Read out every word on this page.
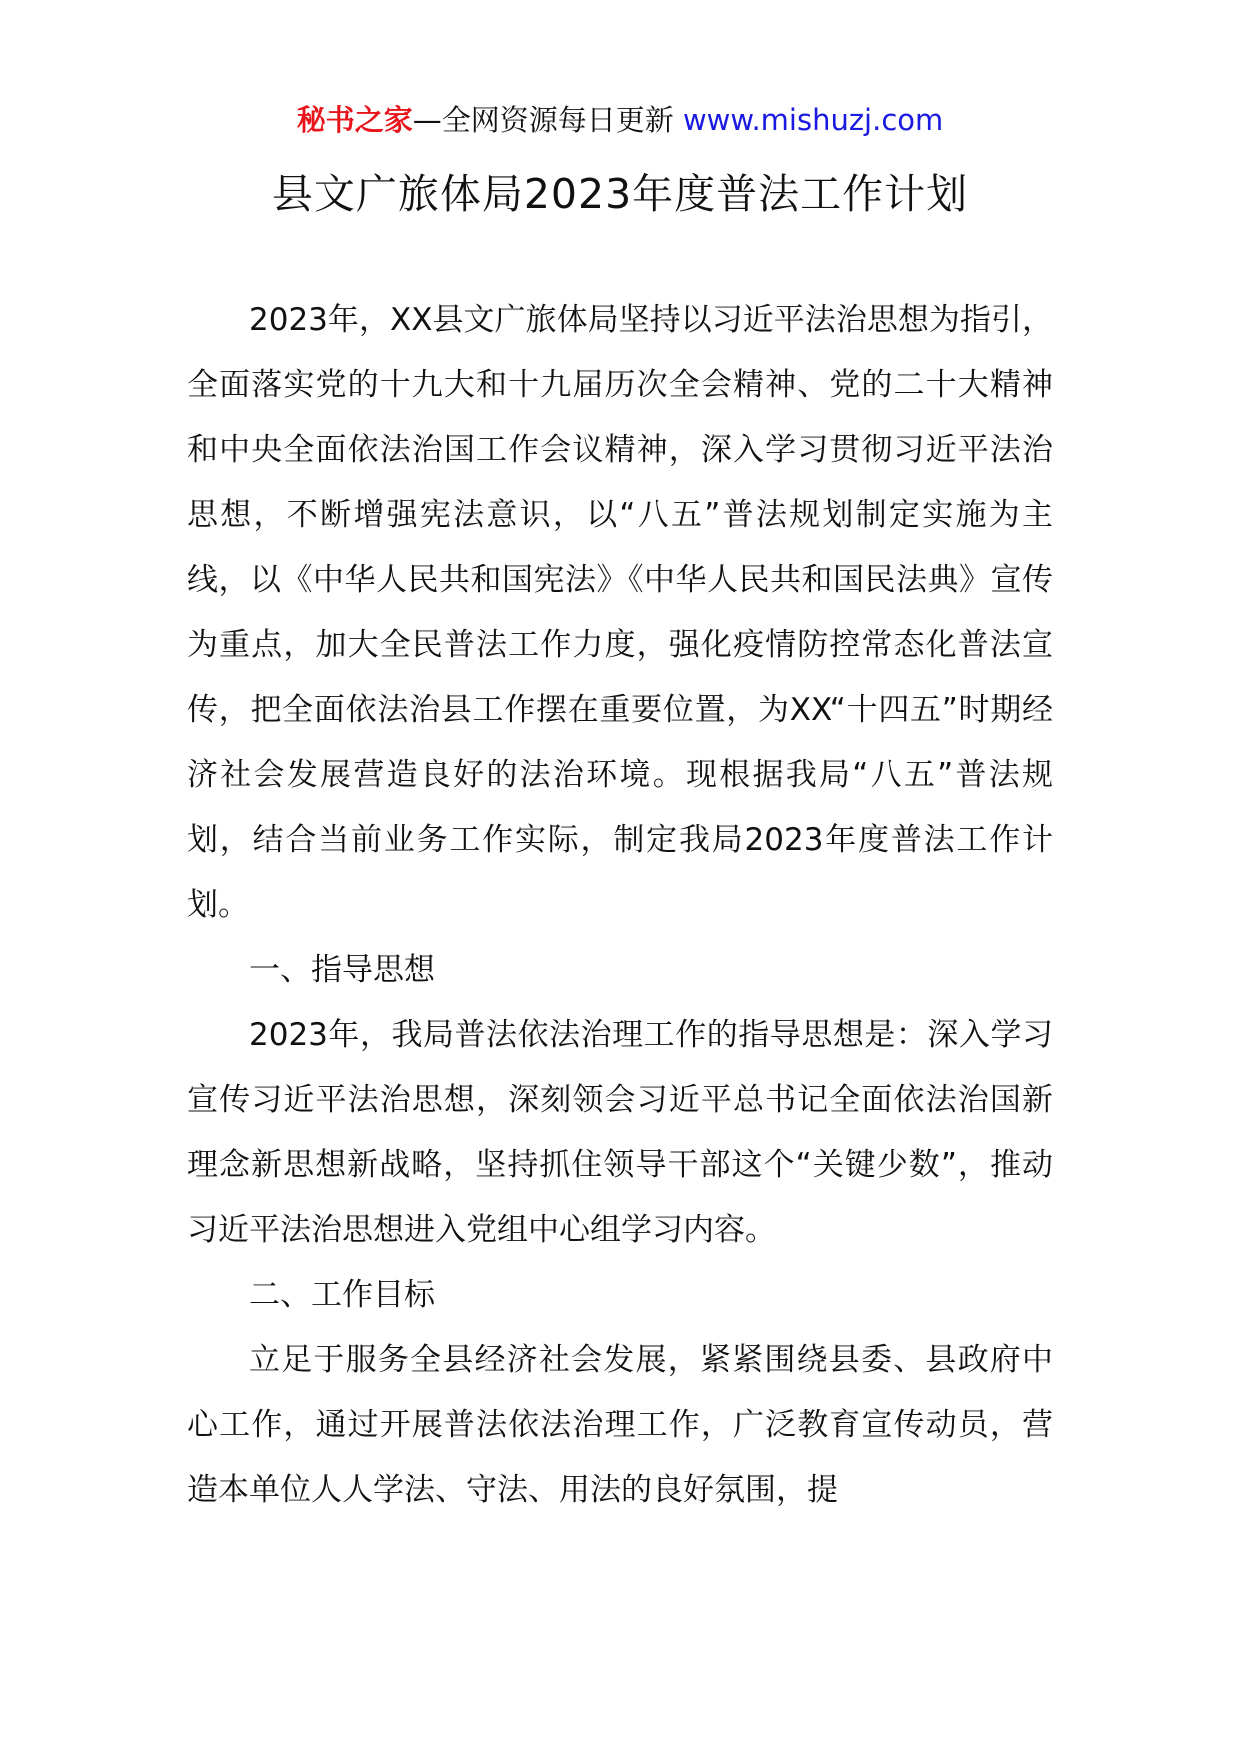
秘书之家—全网资源每日更新 www.mishuzj.com
县文广旅体局2023年度普法工作计划

2023年，XX县文广旅体局坚持以习近平法治思想为指引，全面落实党的十九大和十九届历次全会精神、党的二十大精神和中央全面依法治国工作会议精神，深入学习贯彻习近平法治思想，不断增强宪法意识，以“八五”普法规划制定实施为主线，以《中华人民共和国宪法》《中华人民共和国民法典》宣传为重点，加大全民普法工作力度，强化疫情防控常态化普法宣传，把全面依法治县工作摆在重要位置，为XX“十四五”时期经济社会发展营造良好的法治环境。现根据我局“八五”普法规划，结合当前业务工作实际，制定我局2023年度普法工作计划。

一、指导思想

2023年，我局普法依法治理工作的指导思想是：深入学习宣传习近平法治思想，深刻领会习近平总书记全面依法治国新理念新思想新战略，坚持抓住领导干部这个“关键少数”，推动习近平法治思想进入党组中心组学习内容。

二、工作目标

立足于服务全县经济社会发展，紧紧围绕县委、县政府中心工作，通过开展普法依法治理工作，广泛教育宣传动员，营造本单位人人学法、守法、用法的良好氛围，提
